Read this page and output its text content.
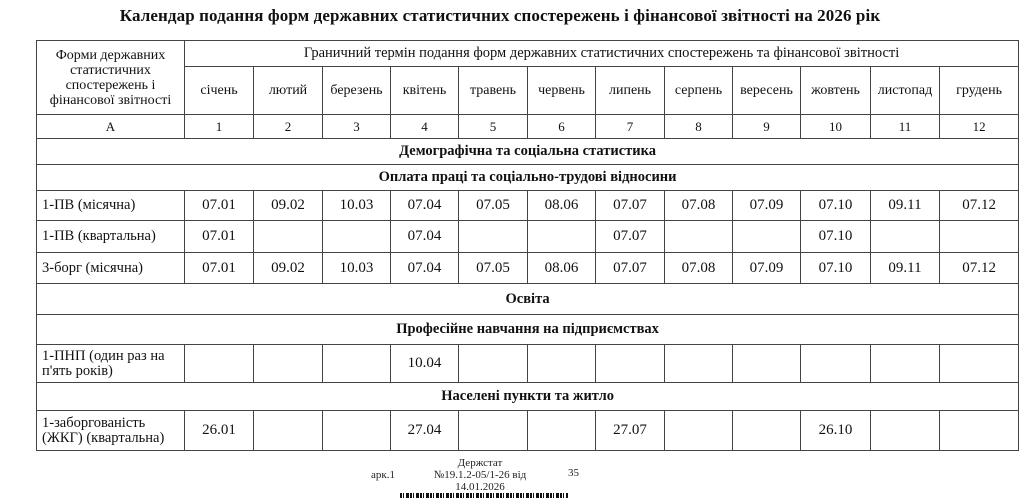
Календар подання форм державних статистичних спостережень і фінансової звітності на 2026 рік
Форми державних статистичних спостережень і фінансової звітності	Граничний термін подання форм державних статистичних спостережень та фінансової звітності											
	січень	лютий	березень	квітень	травень	червень	липень	серпень	вересень	жовтень	листопад	грудень
А	1	2	3	4	5	6	7	8	9	10	11	12
Демографічна та соціальна статистика												
Оплата праці та соціально-трудові відносини												
1-ПВ (місячна)	07.01	09.02	10.03	07.04	07.05	08.06	07.07	07.08	07.09	07.10	09.11	07.12
1-ПВ (квартальна)	07.01			07.04			07.07			07.10		
3-борг (місячна)	07.01	09.02	10.03	07.04	07.05	08.06	07.07	07.08	07.09	07.10	09.11	07.12
Освіта												
Професійне навчання на підприємствах												
1-ПНП (один раз на п'ять років)				10.04								
Населені пункти та житло												
1-заборгованість (ЖКГ) (квартальна)	26.01			27.04			27.07			26.10		
арк.1
Держстат
№19.1.2-05/1-26 від
14.01.2026
35
